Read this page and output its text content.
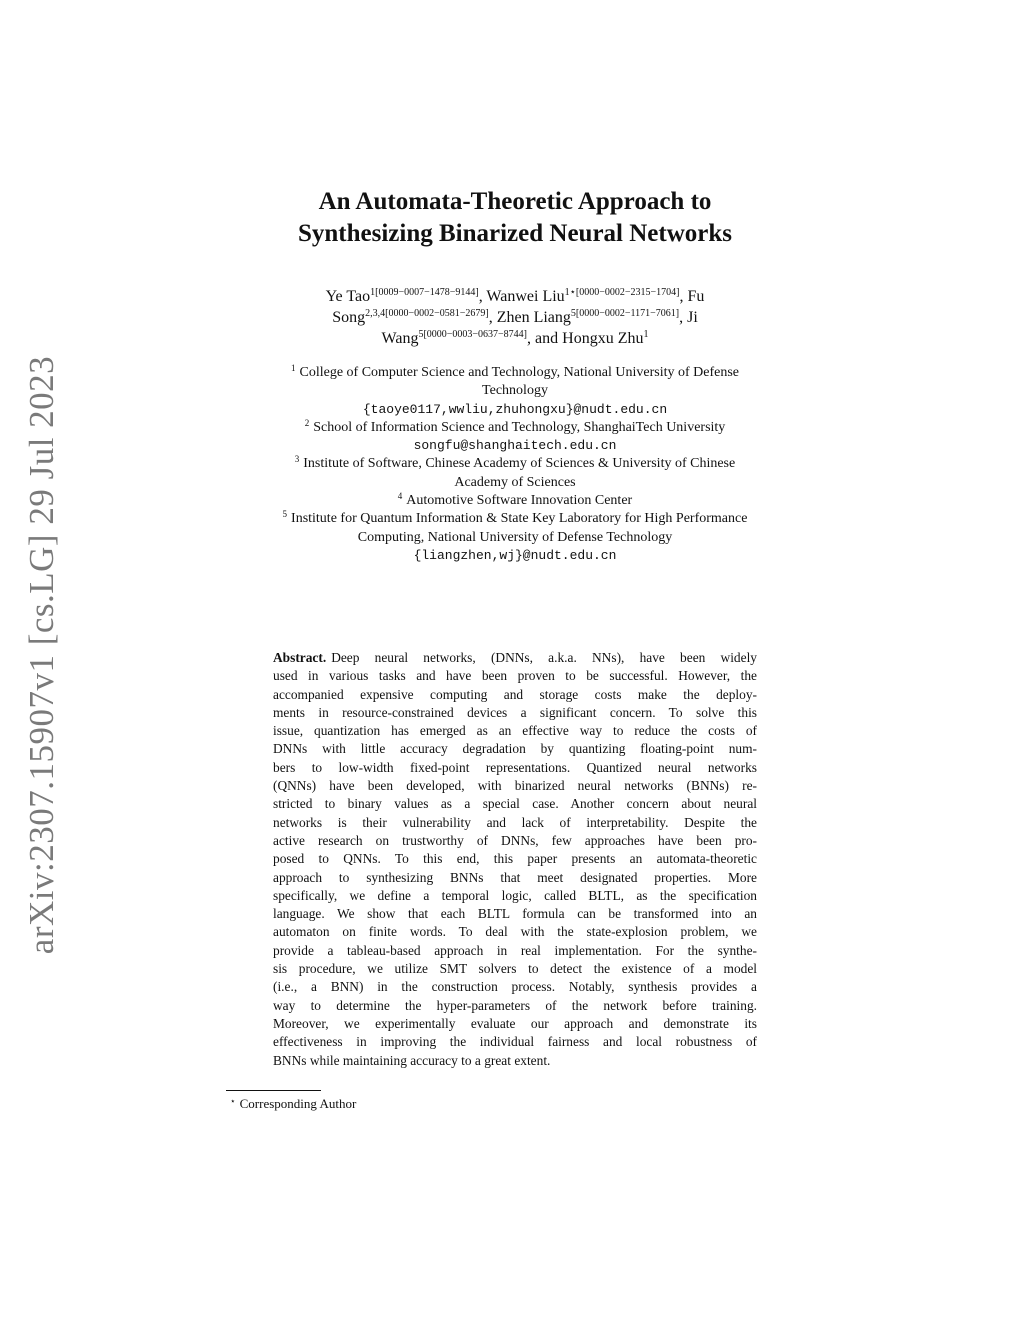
arXiv:2307.15907v1 [cs.LG] 29 Jul 2023
An Automata-Theoretic Approach to
Synthesizing Binarized Neural Networks
Ye Tao$^{1[0009-0007-1478-9144]}$, Wanwei Liu$^{1⋆[0000-0002-2315-1704]}$, Fu
Song$^{2,3,4[0000-0002-0581-2679]}$, Zhen Liang$^{5[0000-0002-1171-7061]}$, Ji
Wang$^{5[0000-0003-0637-8744]}$, and Hongxu Zhu$^1$
$^1$ College of Computer Science and Technology, National University of Defense
Technology
{taoye0117,wwliu,zhuhongxu}@nudt.edu.cn
$^2$ School of Information Science and Technology, ShanghaiTech University
songfu@shanghaitech.edu.cn
$^3$ Institute of Software, Chinese Academy of Sciences & University of Chinese
Academy of Sciences
$^4$ Automotive Software Innovation Center
$^5$ Institute for Quantum Information & State Key Laboratory for High Performance
Computing, National University of Defense Technology
{liangzhen,wj}@nudt.edu.cn
Abstract. Deep neural networks, (DNNs, a.k.a. NNs), have been widely
used in various tasks and have been proven to be successful. However, the
accompanied expensive computing and storage costs make the deploy-
ments in resource-constrained devices a significant concern. To solve this
issue, quantization has emerged as an effective way to reduce the costs of
DNNs with little accuracy degradation by quantizing floating-point num-
bers to low-width fixed-point representations. Quantized neural networks
(QNNs) have been developed, with binarized neural networks (BNNs) re-
stricted to binary values as a special case. Another concern about neural
networks is their vulnerability and lack of interpretability. Despite the
active research on trustworthy of DNNs, few approaches have been pro-
posed to QNNs. To this end, this paper presents an automata-theoretic
approach to synthesizing BNNs that meet designated properties. More
specifically, we define a temporal logic, called BLTL, as the specification
language. We show that each BLTL formula can be transformed into an
automaton on finite words. To deal with the state-explosion problem, we
provide a tableau-based approach in real implementation. For the synthe-
sis procedure, we utilize SMT solvers to detect the existence of a model
(i.e., a BNN) in the construction process. Notably, synthesis provides a
way to determine the hyper-parameters of the network before training.
Moreover, we experimentally evaluate our approach and demonstrate its
effectiveness in improving the individual fairness and local robustness of
BNNs while maintaining accuracy to a great extent.
⋆ Corresponding Author
